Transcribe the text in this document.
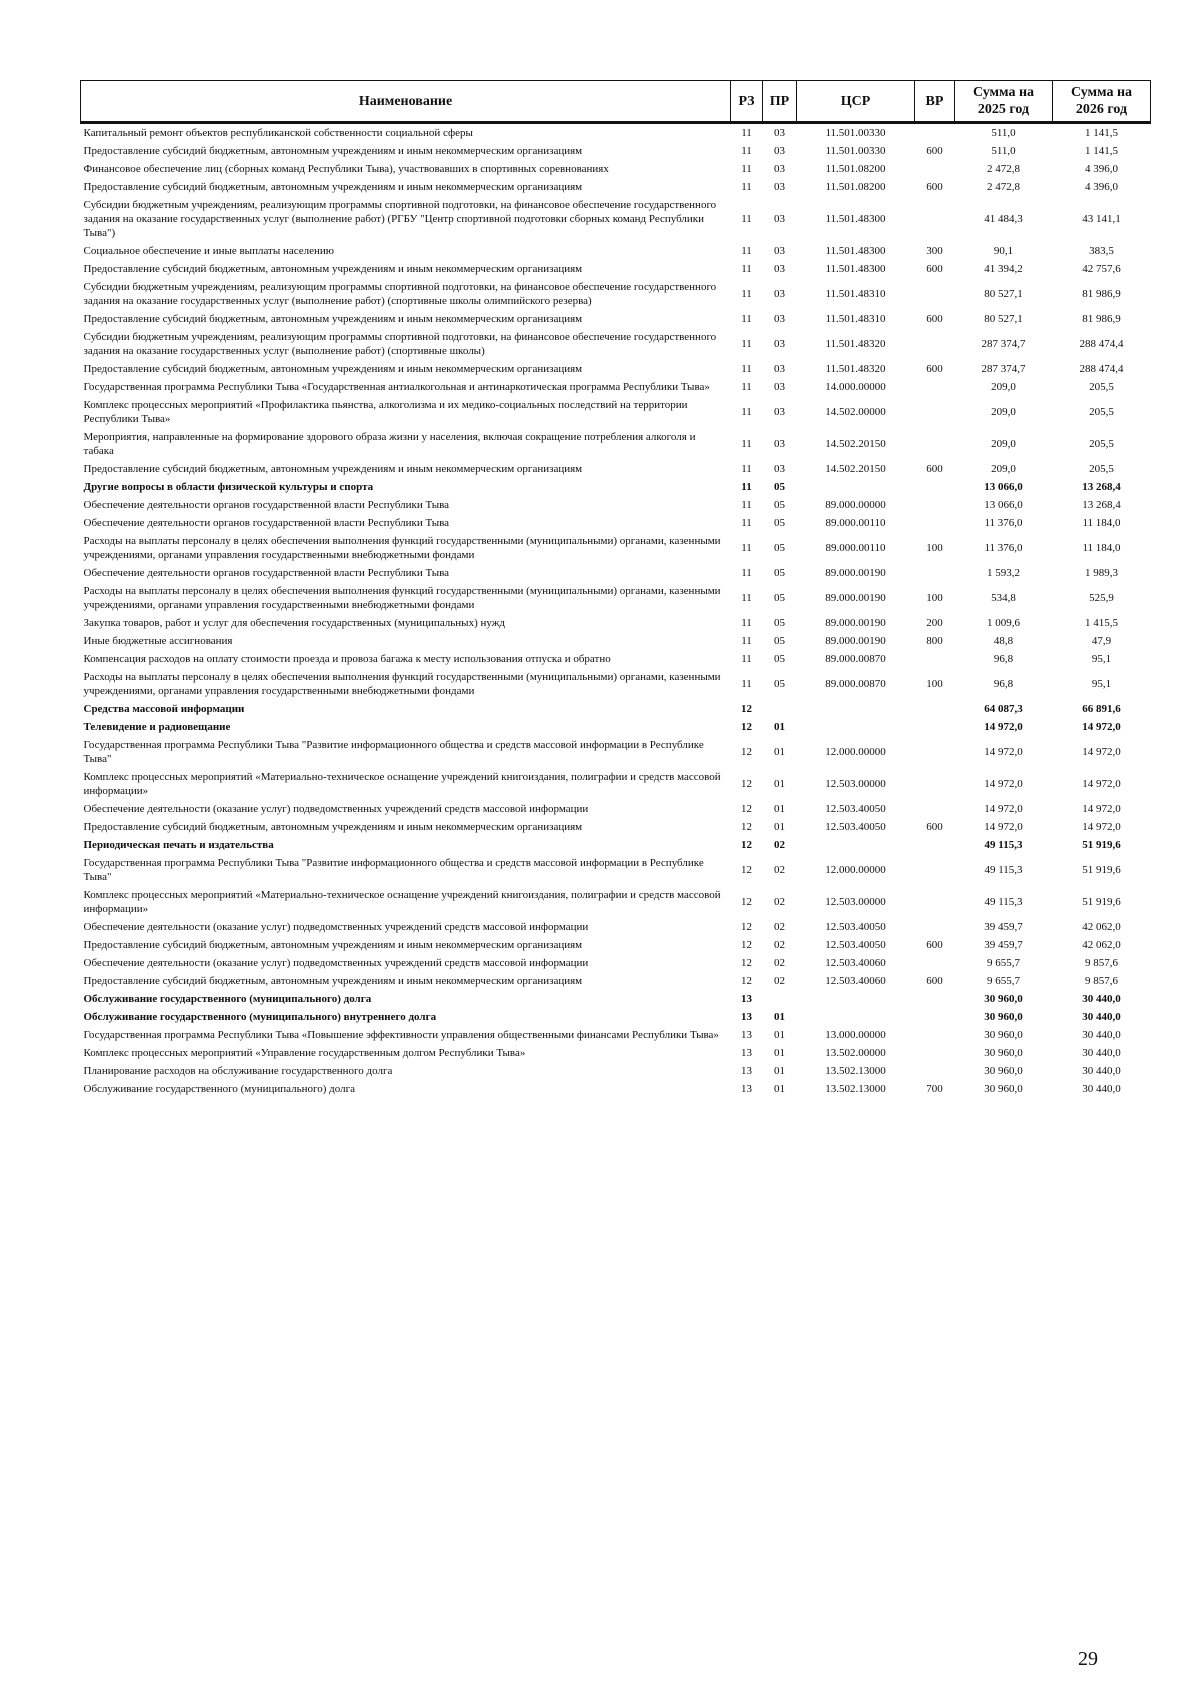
Наименование	РЗ	ПР	ЦСР	ВР	Сумма на 2025 год	Сумма на 2026 год
Капитальный ремонт объектов республиканской собственности социальной сферы	11	03	11.501.00330		511,0	1 141,5
Предоставление субсидий бюджетным, автономным учреждениям и иным некоммерческим организациям	11	03	11.501.00330	600	511,0	1 141,5
Финансовое обеспечение лиц (сборных команд Республики Тыва), участвовавших в спортивных соревнованиях	11	03	11.501.08200		2 472,8	4 396,0
Предоставление субсидий бюджетным, автономным учреждениям и иным некоммерческим организациям	11	03	11.501.08200	600	2 472,8	4 396,0
Субсидии бюджетным учреждениям, реализующим программы спортивной подготовки, на финансовое обеспечение государственного задания на оказание государственных услуг (выполнение работ) (РГБУ "Центр спортивной подготовки сборных команд Республики Тыва")	11	03	11.501.48300		41 484,3	43 141,1
Социальное обеспечение и иные выплаты населению	11	03	11.501.48300	300	90,1	383,5
Предоставление субсидий бюджетным, автономным учреждениям и иным некоммерческим организациям	11	03	11.501.48300	600	41 394,2	42 757,6
Субсидии бюджетным учреждениям, реализующим программы спортивной подготовки, на финансовое обеспечение государственного задания на оказание государственных услуг (выполнение работ) (спортивные школы олимпийского резерва)	11	03	11.501.48310		80 527,1	81 986,9
Предоставление субсидий бюджетным, автономным учреждениям и иным некоммерческим организациям	11	03	11.501.48310	600	80 527,1	81 986,9
Субсидии бюджетным учреждениям, реализующим программы спортивной подготовки, на финансовое обеспечение государственного задания на оказание государственных услуг (выполнение работ) (спортивные школы)	11	03	11.501.48320		287 374,7	288 474,4
Предоставление субсидий бюджетным, автономным учреждениям и иным некоммерческим организациям	11	03	11.501.48320	600	287 374,7	288 474,4
Государственная программа Республики Тыва «Государственная антиалкогольная и антинаркотическая программа Республики Тыва»	11	03	14.000.00000		209,0	205,5
Комплекс процессных мероприятий «Профилактика пьянства, алкоголизма и их медико-социальных последствий на территории Республики Тыва»	11	03	14.502.00000		209,0	205,5
Мероприятия, направленные на формирование здорового образа жизни у населения, включая сокращение потребления алкоголя и табака	11	03	14.502.20150		209,0	205,5
Предоставление субсидий бюджетным, автономным учреждениям и иным некоммерческим организациям	11	03	14.502.20150	600	209,0	205,5
Другие вопросы в области физической культуры и спорта	11	05			13 066,0	13 268,4
Обеспечение деятельности органов государственной власти Республики Тыва	11	05	89.000.00000		13 066,0	13 268,4
Обеспечение деятельности органов государственной власти Республики Тыва	11	05	89.000.00110		11 376,0	11 184,0
Расходы на выплаты персоналу в целях обеспечения выполнения функций государственными (муниципальными) органами, казенными учреждениями, органами управления государственными внебюджетными фондами	11	05	89.000.00110	100	11 376,0	11 184,0
Обеспечение деятельности органов государственной власти Республики Тыва	11	05	89.000.00190		1 593,2	1 989,3
Расходы на выплаты персоналу в целях обеспечения выполнения функций государственными (муниципальными) органами, казенными учреждениями, органами управления государственными внебюджетными фондами	11	05	89.000.00190	100	534,8	525,9
Закупка товаров, работ и услуг для обеспечения государственных (муниципальных) нужд	11	05	89.000.00190	200	1 009,6	1 415,5
Иные бюджетные ассигнования	11	05	89.000.00190	800	48,8	47,9
Компенсация расходов на оплату стоимости проезда и провоза багажа к месту использования отпуска и обратно	11	05	89.000.00870		96,8	95,1
Расходы на выплаты персоналу в целях обеспечения выполнения функций государственными (муниципальными) органами, казенными учреждениями, органами управления государственными внебюджетными фондами	11	05	89.000.00870	100	96,8	95,1
Средства массовой информации	12				64 087,3	66 891,6
Телевидение и радиовещание	12	01			14 972,0	14 972,0
Государственная программа Республики Тыва "Развитие информационного общества и средств массовой информации в Республике Тыва"	12	01	12.000.00000		14 972,0	14 972,0
Комплекс процессных мероприятий «Материально-техническое оснащение учреждений книгоиздания, полиграфии и средств массовой информации»	12	01	12.503.00000		14 972,0	14 972,0
Обеспечение деятельности (оказание услуг) подведомственных учреждений средств массовой информации	12	01	12.503.40050		14 972,0	14 972,0
Предоставление субсидий бюджетным, автономным учреждениям и иным некоммерческим организациям	12	01	12.503.40050	600	14 972,0	14 972,0
Периодическая печать и издательства	12	02			49 115,3	51 919,6
Государственная программа Республики Тыва "Развитие информационного общества и средств массовой информации в Республике Тыва"	12	02	12.000.00000		49 115,3	51 919,6
Комплекс процессных мероприятий «Материально-техническое оснащение учреждений книгоиздания, полиграфии и средств массовой информации»	12	02	12.503.00000		49 115,3	51 919,6
Обеспечение деятельности (оказание услуг) подведомственных учреждений средств массовой информации	12	02	12.503.40050		39 459,7	42 062,0
Предоставление субсидий бюджетным, автономным учреждениям и иным некоммерческим организациям	12	02	12.503.40050	600	39 459,7	42 062,0
Обеспечение деятельности (оказание услуг) подведомственных учреждений средств массовой информации	12	02	12.503.40060		9 655,7	9 857,6
Предоставление субсидий бюджетным, автономным учреждениям и иным некоммерческим организациям	12	02	12.503.40060	600	9 655,7	9 857,6
Обслуживание государственного (муниципального) долга	13				30 960,0	30 440,0
Обслуживание государственного (муниципального) внутреннего долга	13	01			30 960,0	30 440,0
Государственная программа Республики Тыва «Повышение эффективности управления общественными финансами Республики Тыва»	13	01	13.000.00000		30 960,0	30 440,0
Комплекс процессных мероприятий «Управление государственным долгом Республики Тыва»	13	01	13.502.00000		30 960,0	30 440,0
Планирование расходов на обслуживание государственного долга	13	01	13.502.13000		30 960,0	30 440,0
Обслуживание государственного (муниципального) долга	13	01	13.502.13000	700	30 960,0	30 440,0
29
